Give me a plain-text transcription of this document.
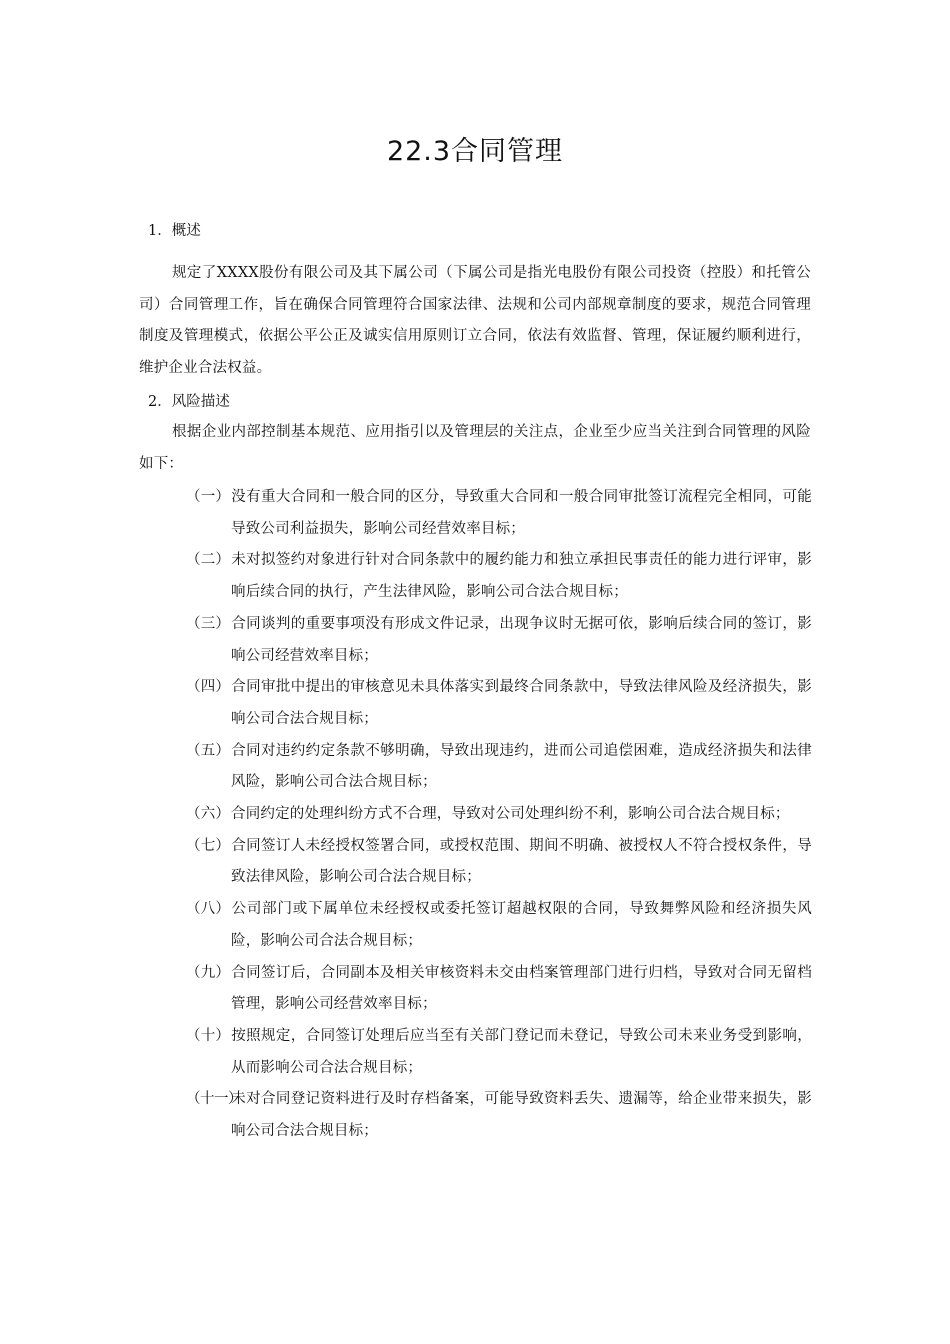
22.3合同管理
1．概述
规定了XXXX股份有限公司及其下属公司（下属公司是指光电股份有限公司投资（控股）和托管公司）合同管理工作，旨在确保合同管理符合国家法律、法规和公司内部规章制度的要求，规范合同管理制度及管理模式，依据公平公正及诚实信用原则订立合同，依法有效监督、管理，保证履约顺利进行，维护企业合法权益。
2．风险描述
根据企业内部控制基本规范、应用指引以及管理层的关注点，企业至少应当关注到合同管理的风险如下：
（一）没有重大合同和一般合同的区分，导致重大合同和一般合同审批签订流程完全相同，可能导致公司利益损失，影响公司经营效率目标；
（二）未对拟签约对象进行针对合同条款中的履约能力和独立承担民事责任的能力进行评审，影响后续合同的执行，产生法律风险，影响公司合法合规目标；
（三）合同谈判的重要事项没有形成文件记录，出现争议时无据可依，影响后续合同的签订，影响公司经营效率目标；
（四）合同审批中提出的审核意见未具体落实到最终合同条款中，导致法律风险及经济损失，影响公司合法合规目标；
（五）合同对违约约定条款不够明确，导致出现违约，进而公司追偿困难，造成经济损失和法律风险，影响公司合法合规目标；
（六）合同约定的处理纠纷方式不合理，导致对公司处理纠纷不利，影响公司合法合规目标；
（七）合同签订人未经授权签署合同，或授权范围、期间不明确、被授权人不符合授权条件，导致法律风险，影响公司合法合规目标；
（八）公司部门或下属单位未经授权或委托签订超越权限的合同，导致舞弊风险和经济损失风险，影响公司合法合规目标；
（九）合同签订后，合同副本及相关审核资料未交由档案管理部门进行归档，导致对合同无留档管理，影响公司经营效率目标；
（十）按照规定，合同签订处理后应当至有关部门登记而未登记，导致公司未来业务受到影响，从而影响公司合法合规目标；
（十一）未对合同登记资料进行及时存档备案，可能导致资料丢失、遗漏等，给企业带来损失，影响公司合法合规目标；
